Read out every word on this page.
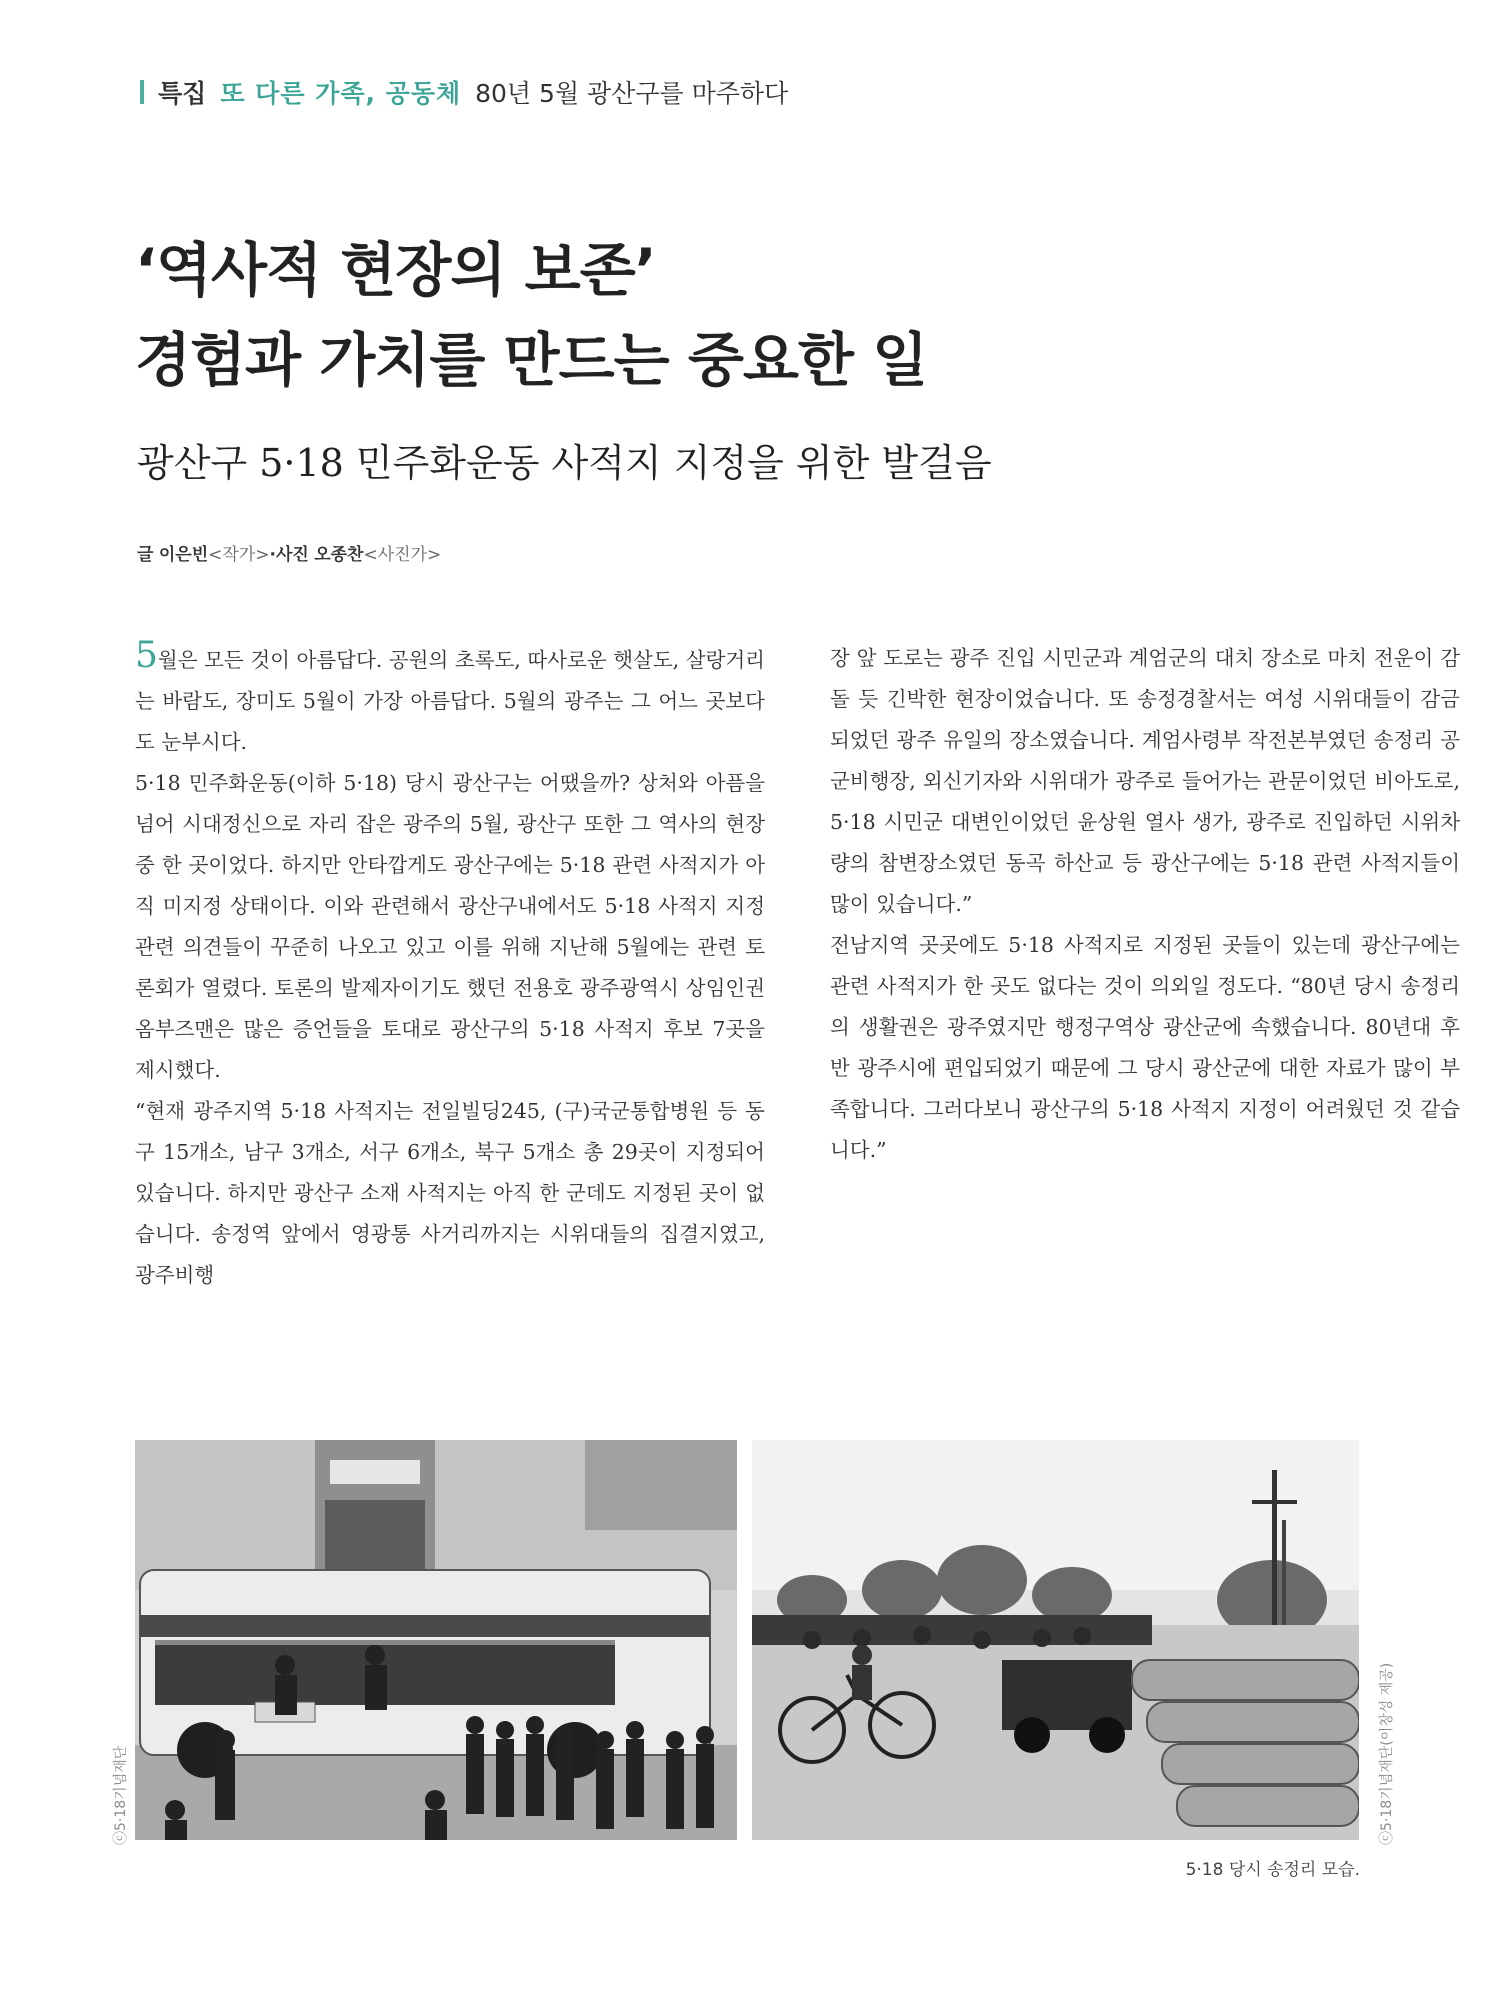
특집 또 다른 가족, 공동체 80년 5월 광산구를 마주하다
‘역사적 현장의 보존’
경험과 가치를 만드는 중요한 일
광산구 5·18 민주화운동 사적지 지정을 위한 발걸음
글 이은빈<작가>·사진 오종찬<사진가>

5월은 모든 것이 아름답다. 공원의 초록도, 따사로운 햇살도, 살랑거리는 바람도, 장미도 5월이 가장 아름답다. 5월의 광주는 그 어느 곳보다도 눈부시다.

5·18 민주화운동(이하 5·18) 당시 광산구는 어땠을까? 상처와 아픔을 넘어 시대정신으로 자리 잡은 광주의 5월, 광산구 또한 그 역사의 현장 중 한 곳이었다. 하지만 안타깝게도 광산구에는 5·18 관련 사적지가 아직 미지정 상태이다. 이와 관련해서 광산구내에서도 5·18 사적지 지정 관련 의견들이 꾸준히 나오고 있고 이를 위해 지난해 5월에는 관련 토론회가 열렸다. 토론의 발제자이기도 했던 전용호 광주광역시 상임인권옴부즈맨은 많은 증언들을 토대로 광산구의 5·18 사적지 후보 7곳을 제시했다.

“현재 광주지역 5·18 사적지는 전일빌딩245, (구)국군통합병원 등 동구 15개소, 남구 3개소, 서구 6개소, 북구 5개소 총 29곳이 지정되어 있습니다. 하지만 광산구 소재 사적지는 아직 한 군데도 지정된 곳이 없습니다. 송정역 앞에서 영광통 사거리까지는 시위대들의 집결지였고, 광주비행

장 앞 도로는 광주 진입 시민군과 계엄군의 대치 장소로 마치 전운이 감돌 듯 긴박한 현장이었습니다. 또 송정경찰서는 여성 시위대들이 감금되었던 광주 유일의 장소였습니다. 계엄사령부 작전본부였던 송정리 공군비행장, 외신기자와 시위대가 광주로 들어가는 관문이었던 비아도로, 5·18 시민군 대변인이었던 윤상원 열사 생가, 광주로 진입하던 시위차량의 참변장소였던 동곡 하산교 등 광산구에는 5·18 관련 사적지들이 많이 있습니다.”

전남지역 곳곳에도 5·18 사적지로 지정된 곳들이 있는데 광산구에는 관련 사적지가 한 곳도 없다는 것이 의외일 정도다. “80년 당시 송정리의 생활권은 광주였지만 행정구역상 광산군에 속했습니다. 80년대 후반 광주시에 편입되었기 때문에 그 당시 광산군에 대한 자료가 많이 부족합니다. 그러다보니 광산구의 5·18 사적지 지정이 어려웠던 것 같습니다.”

ⓒ5·18기념재단	ⓒ5·18기념재단(이창성 제공)
5·18 당시 송정리 모습.
